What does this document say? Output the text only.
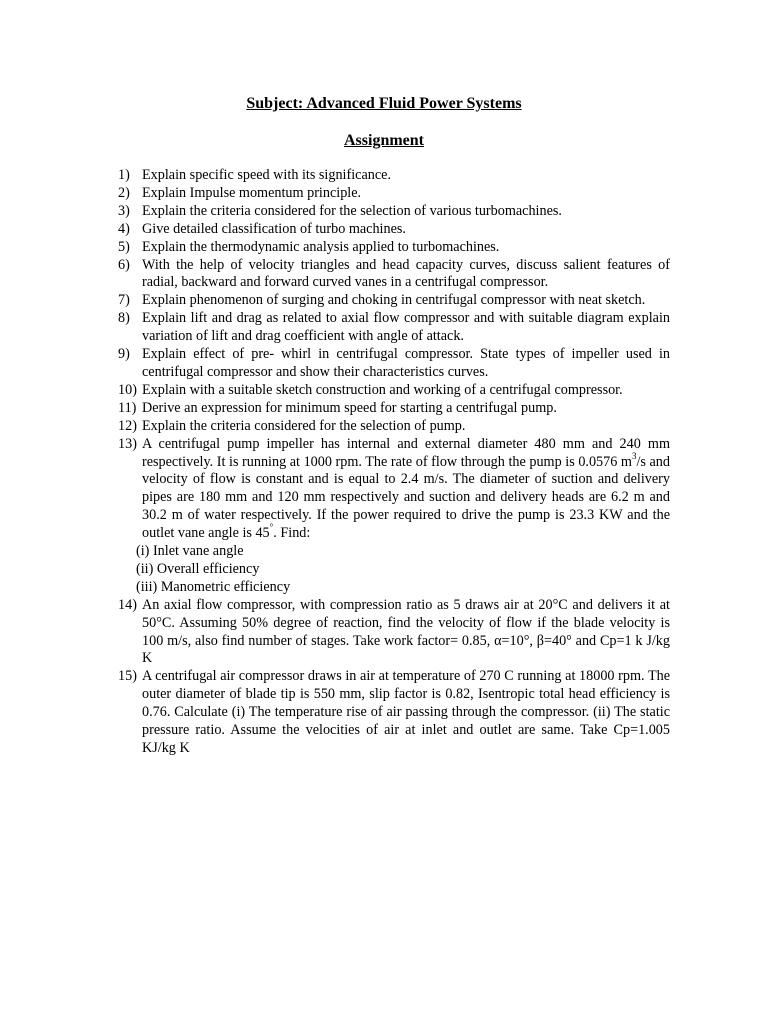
Subject: Advanced Fluid Power Systems
Assignment
1) Explain specific speed with its significance.
2) Explain Impulse momentum principle.
3) Explain the criteria considered for the selection of various turbomachines.
4) Give detailed classification of turbo machines.
5) Explain the thermodynamic analysis applied to turbomachines.
6) With the help of velocity triangles and head capacity curves, discuss salient features of radial, backward and forward curved vanes in a centrifugal compressor.
7) Explain phenomenon of surging and choking in centrifugal compressor with neat sketch.
8) Explain lift and drag as related to axial flow compressor and with suitable diagram explain variation of lift and drag coefficient with angle of attack.
9) Explain effect of pre- whirl in centrifugal compressor. State types of impeller used in centrifugal compressor and show their characteristics curves.
10) Explain with a suitable sketch construction and working of a centrifugal compressor.
11) Derive an expression for minimum speed for starting a centrifugal pump.
12) Explain the criteria considered for the selection of pump.
13) A centrifugal pump impeller has internal and external diameter 480 mm and 240 mm respectively. It is running at 1000 rpm. The rate of flow through the pump is 0.0576 $m^3/s$ and velocity of flow is constant and is equal to 2.4 m/s. The diameter of suction and delivery pipes are 180 mm and 120 mm respectively and suction and delivery heads are 6.2 m and 30.2 m of water respectively. If the power required to drive the pump is 23.3 KW and the outlet vane angle is 45°. Find:
(i) Inlet vane angle
(ii) Overall efficiency
(iii) Manometric efficiency
14) An axial flow compressor, with compression ratio as 5 draws air at 20°C and delivers it at 50°C. Assuming 50% degree of reaction, find the velocity of flow if the blade velocity is 100 m/s, also find number of stages. Take work factor= 0.85, α=10°, β=40° and Cp=1 k J/kg K
15) A centrifugal air compressor draws in air at temperature of 270 C running at 18000 rpm. The outer diameter of blade tip is 550 mm, slip factor is 0.82, Isentropic total head efficiency is 0.76. Calculate (i) The temperature rise of air passing through the compressor. (ii) The static pressure ratio. Assume the velocities of air at inlet and outlet are same. Take Cp=1.005 KJ/kg K
